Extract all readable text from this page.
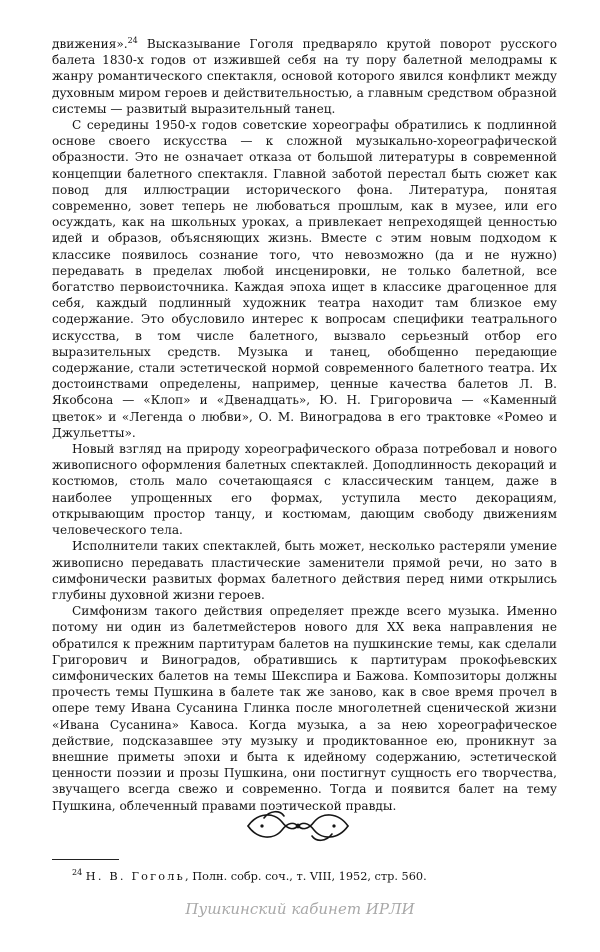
движения».$^{24}$ Высказывание Гоголя предваряло крутой поворот русского балета 1830-х годов от изжившей себя на ту пору балетной мелодрамы к жанру романтического спектакля, основой которого явился конфликт между духовным миром героев и действительностью, а главным средством образной системы — развитый выразительный танец.

С середины 1950-х годов советские хореографы обратились к подлинной основе своего искусства — к сложной музыкально-хореографической образности. Это не означает отказа от большой литературы в современной концепции балетного спектакля. Главной заботой перестал быть сюжет как повод для иллюстрации исторического фона. Литература, понятая современно, зовет теперь не любоваться прошлым, как в музее, или его осуждать, как на школьных уроках, а привлекает непреходящей ценностью идей и образов, объясняющих жизнь. Вместе с этим новым подходом к классике появилось сознание того, что невозможно (да и не нужно) передавать в пределах любой инсценировки, не только балетной, все богатство первоисточника. Каждая эпоха ищет в классике драгоценное для себя, каждый подлинный художник театра находит там близкое ему содержание. Это обусловило интерес к вопросам специфики театрального искусства, в том числе балетного, вызвало серьезный отбор его выразительных средств. Музыка и танец, обобщенно передающие содержание, стали эстетической нормой современного балетного театра. Их достоинствами определены, например, ценные качества балетов Л. В. Якобсона — «Клоп» и «Двенадцать», Ю. Н. Григоровича — «Каменный цветок» и «Легенда о любви», О. М. Виноградова в его трактовке «Ромео и Джульетты».

Новый взгляд на природу хореографического образа потребовал и нового живописного оформления балетных спектаклей. Доподлинность декораций и костюмов, столь мало сочетающаяся с классическим танцем, даже в наиболее упрощенных его формах, уступила место декорациям, открывающим простор танцу, и костюмам, дающим свободу движениям человеческого тела.

Исполнители таких спектаклей, быть может, несколько растеряли умение живописно передавать пластические заменители прямой речи, но зато в симфонически развитых формах балетного действия перед ними открылись глубины духовной жизни героев.

Симфонизм такого действия определяет прежде всего музыка. Именно потому ни один из балетмейстеров нового для XX века направления не обратился к прежним партитурам балетов на пушкинские темы, как сделали Григорович и Виноградов, обратившись к партитурам прокофьевских симфонических балетов на темы Шекспира и Бажова. Композиторы должны прочесть темы Пушкина в балете так же заново, как в свое время прочел в опере тему Ивана Сусанина Глинка после многолетней сценической жизни «Ивана Сусанина» Кавоса. Когда музыка, а за нею хореографическое действие, подсказавшее эту музыку и продиктованное ею, проникнут за внешние приметы эпохи и быта к идейному содержанию, эстетической ценности поэзии и прозы Пушкина, они постигнут сущность его творчества, звучащего всегда свежо и современно. Тогда и появится балет на тему Пушкина, облеченный правами поэтической правды.

$^{24}$ Н. В. Гоголь, Полн. собр. соч., т. VIII, 1952, стр. 560.

Пушкинский кабинет ИРЛИ
